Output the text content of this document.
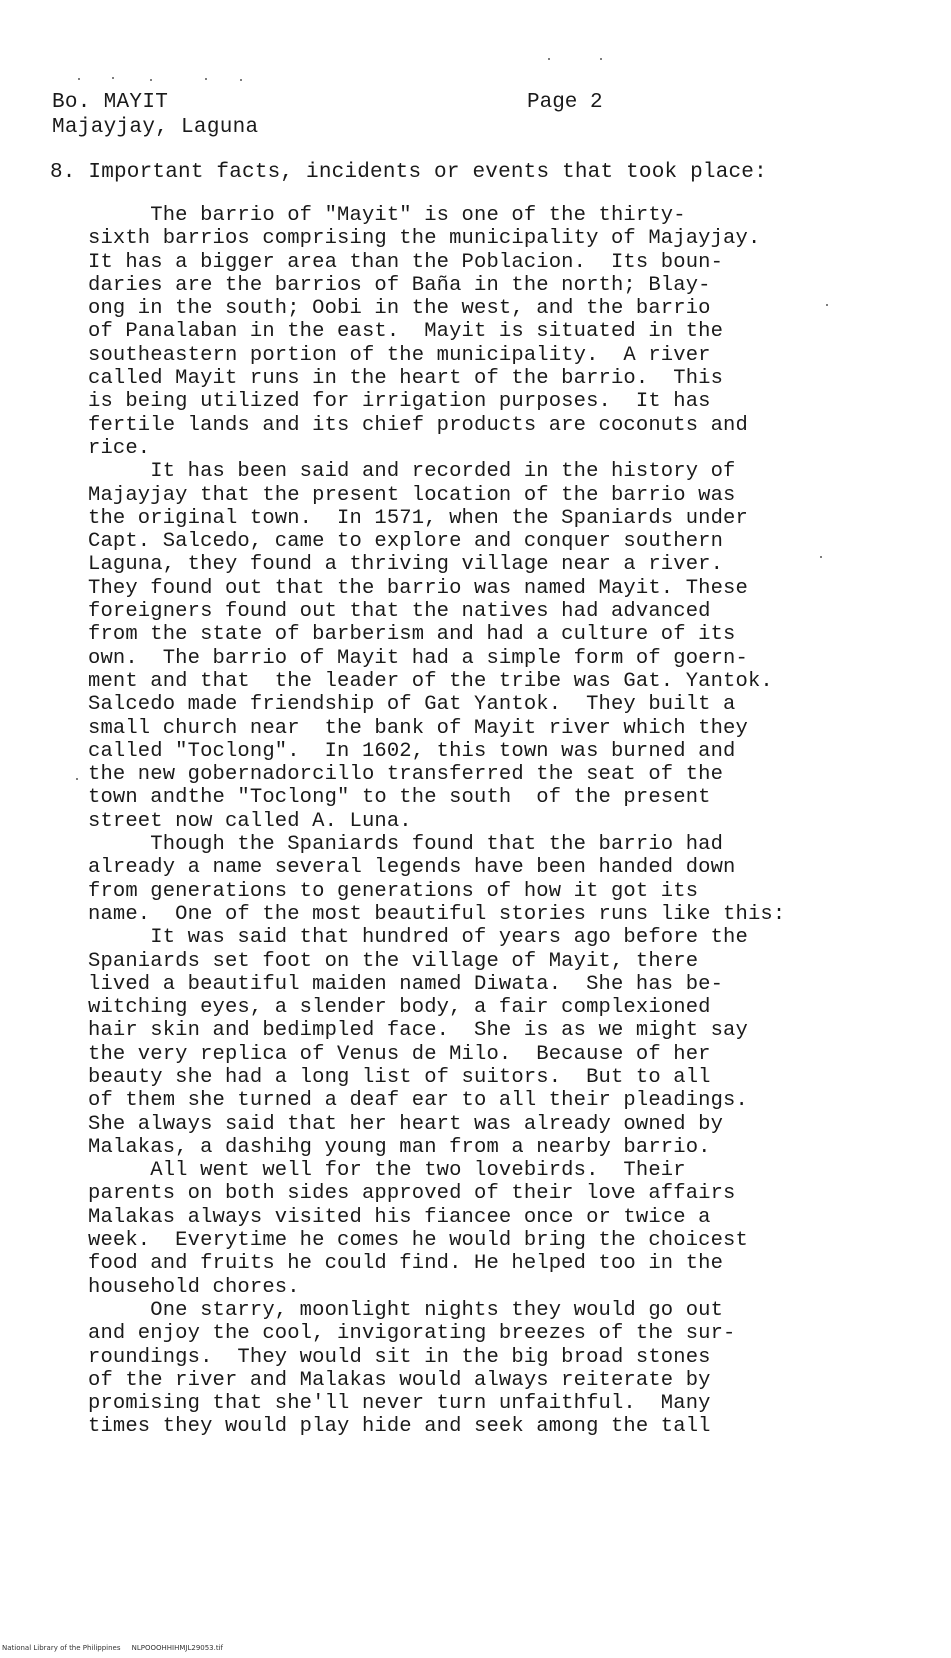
Bo. MAYIT
Majayjay, Laguna
Page 2
8. Important facts, incidents or events that took place:
The barrio of "Mayit" is one of the thirty-
sixth barrios comprising the municipality of Majayjay.
It has a bigger area than the Poblacion.  Its boun-
daries are the barrios of Baña in the north; Blay-
ong in the south; Oobi in the west, and the barrio
of Panalaban in the east.  Mayit is situated in the
southeastern portion of the municipality.  A river
called Mayit runs in the heart of the barrio.  This
is being utilized for irrigation purposes.  It has
fertile lands and its chief products are coconuts and
rice.
It has been said and recorded in the history of
Majayjay that the present location of the barrio was
the original town.  In 1571, when the Spaniards under
Capt. Salcedo, came to explore and conquer southern
Laguna, they found a thriving village near a river.
They found out that the barrio was named Mayit. These
foreigners found out that the natives had advanced
from the state of barberism and had a culture of its
own.  The barrio of Mayit had a simple form of goern-
ment and that  the leader of the tribe was Gat. Yantok.
Salcedo made friendship of Gat Yantok.  They built a
small church near  the bank of Mayit river which they
called "Toclong".  In 1602, this town was burned and
the new gobernadorcillo transferred the seat of the
town andthe "Toclong" to the south  of the present
street now called A. Luna.
Though the Spaniards found that the barrio had
already a name several legends have been handed down
from generations to generations of how it got its
name.  One of the most beautiful stories runs like this:
It was said that hundred of years ago before the
Spaniards set foot on the village of Mayit, there
lived a beautiful maiden named Diwata.  She has be-
witching eyes, a slender body, a fair complexioned
hair skin and bedimpled face.  She is as we might say
the very replica of Venus de Milo.  Because of her
beauty she had a long list of suitors.  But to all
of them she turned a deaf ear to all their pleadings.
She always said that her heart was already owned by
Malakas, a dashihg young man from a nearby barrio.
All went well for the two lovebirds.  Their
parents on both sides approved of their love affairs
Malakas always visited his fiancee once or twice a
week.  Everytime he comes he would bring the choicest
food and fruits he could find. He helped too in the
household chores.
One starry, moonlight nights they would go out
and enjoy the cool, invigorating breezes of the sur-
roundings.  They would sit in the big broad stones
of the river and Malakas would always reiterate by
promising that she'll never turn unfaithful.  Many
times they would play hide and seek among the tall
National Library of the Philippines     NLPOOOHHIHMJL29053.tif
